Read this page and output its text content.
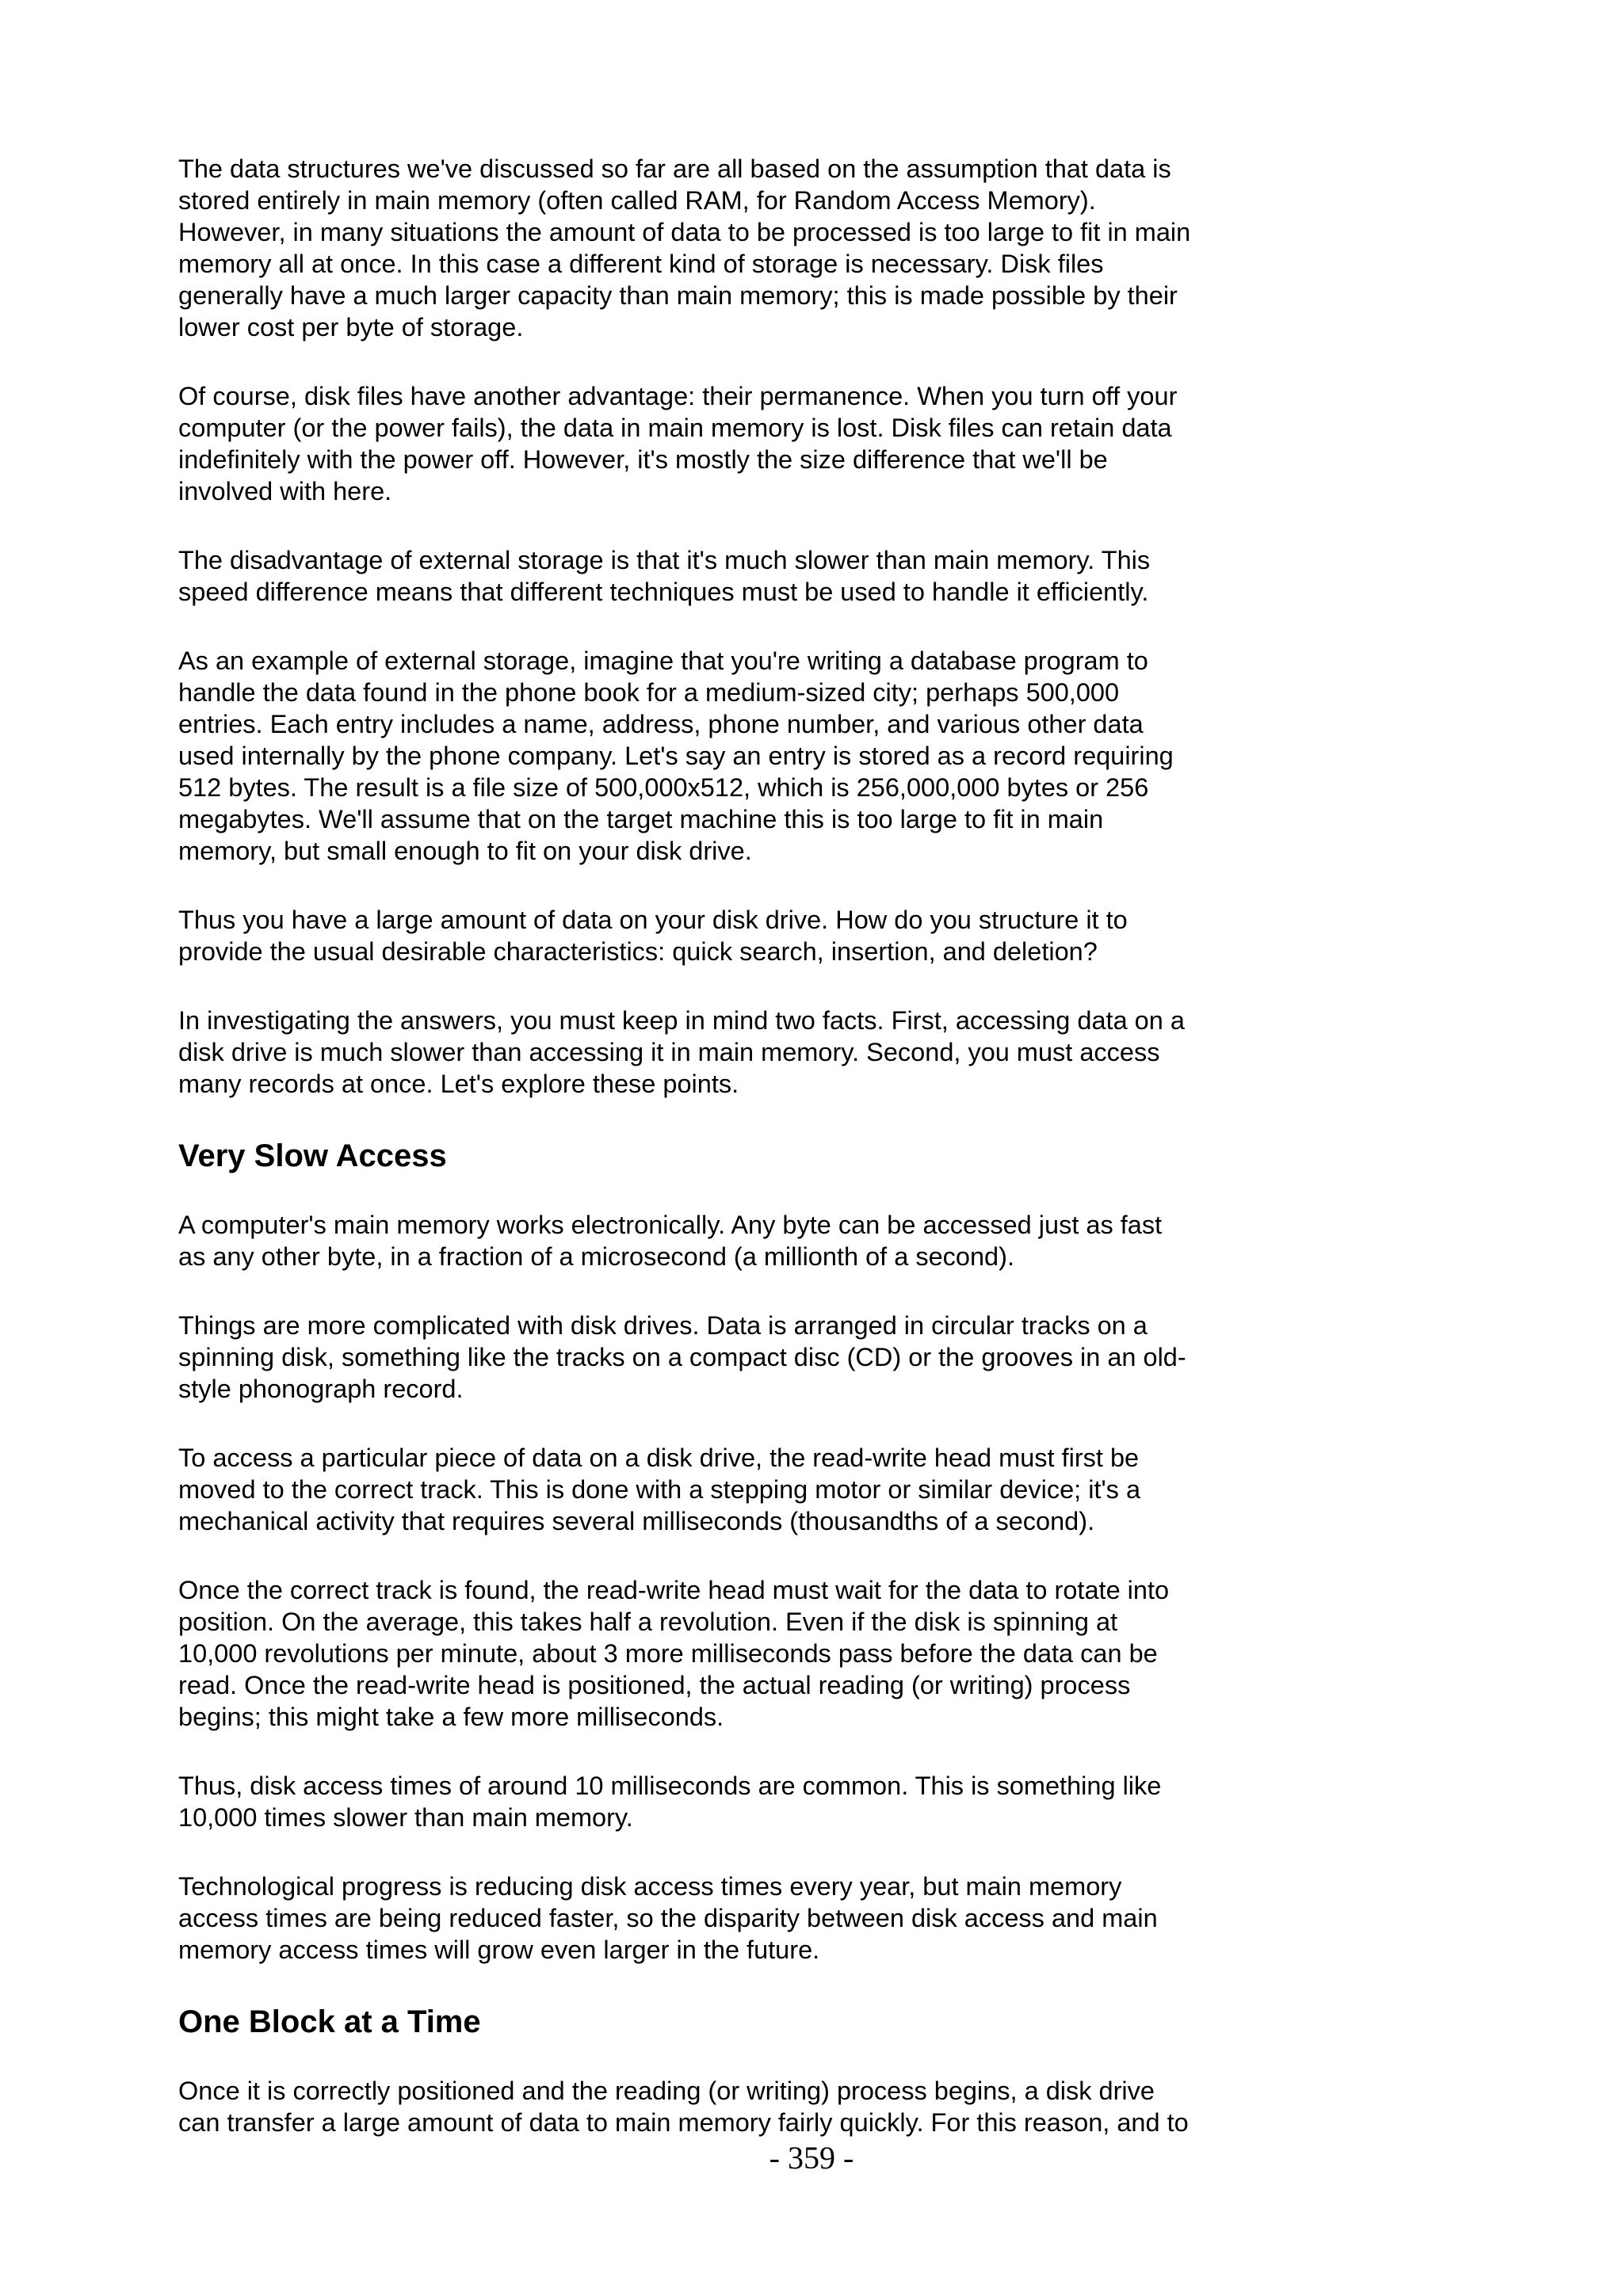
The data structures we've discussed so far are all based on the assumption that data is
stored entirely in main memory (often called RAM, for Random Access Memory).
However, in many situations the amount of data to be processed is too large to fit in main
memory all at once. In this case a different kind of storage is necessary. Disk files
generally have a much larger capacity than main memory; this is made possible by their
lower cost per byte of storage.

Of course, disk files have another advantage: their permanence. When you turn off your
computer (or the power fails), the data in main memory is lost. Disk files can retain data
indefinitely with the power off. However, it's mostly the size difference that we'll be
involved with here.

The disadvantage of external storage is that it's much slower than main memory. This
speed difference means that different techniques must be used to handle it efficiently.

As an example of external storage, imagine that you're writing a database program to
handle the data found in the phone book for a medium-sized city; perhaps 500,000
entries. Each entry includes a name, address, phone number, and various other data
used internally by the phone company. Let's say an entry is stored as a record requiring
512 bytes. The result is a file size of 500,000x512, which is 256,000,000 bytes or 256
megabytes. We'll assume that on the target machine this is too large to fit in main
memory, but small enough to fit on your disk drive.

Thus you have a large amount of data on your disk drive. How do you structure it to
provide the usual desirable characteristics: quick search, insertion, and deletion?

In investigating the answers, you must keep in mind two facts. First, accessing data on a
disk drive is much slower than accessing it in main memory. Second, you must access
many records at once. Let's explore these points.

Very Slow Access

A computer's main memory works electronically. Any byte can be accessed just as fast
as any other byte, in a fraction of a microsecond (a millionth of a second).

Things are more complicated with disk drives. Data is arranged in circular tracks on a
spinning disk, something like the tracks on a compact disc (CD) or the grooves in an old-
style phonograph record.

To access a particular piece of data on a disk drive, the read-write head must first be
moved to the correct track. This is done with a stepping motor or similar device; it's a
mechanical activity that requires several milliseconds (thousandths of a second).

Once the correct track is found, the read-write head must wait for the data to rotate into
position. On the average, this takes half a revolution. Even if the disk is spinning at
10,000 revolutions per minute, about 3 more milliseconds pass before the data can be
read. Once the read-write head is positioned, the actual reading (or writing) process
begins; this might take a few more milliseconds.

Thus, disk access times of around 10 milliseconds are common. This is something like
10,000 times slower than main memory.

Technological progress is reducing disk access times every year, but main memory
access times are being reduced faster, so the disparity between disk access and main
memory access times will grow even larger in the future.

One Block at a Time

Once it is correctly positioned and the reading (or writing) process begins, a disk drive
can transfer a large amount of data to main memory fairly quickly. For this reason, and to

- 359 -
